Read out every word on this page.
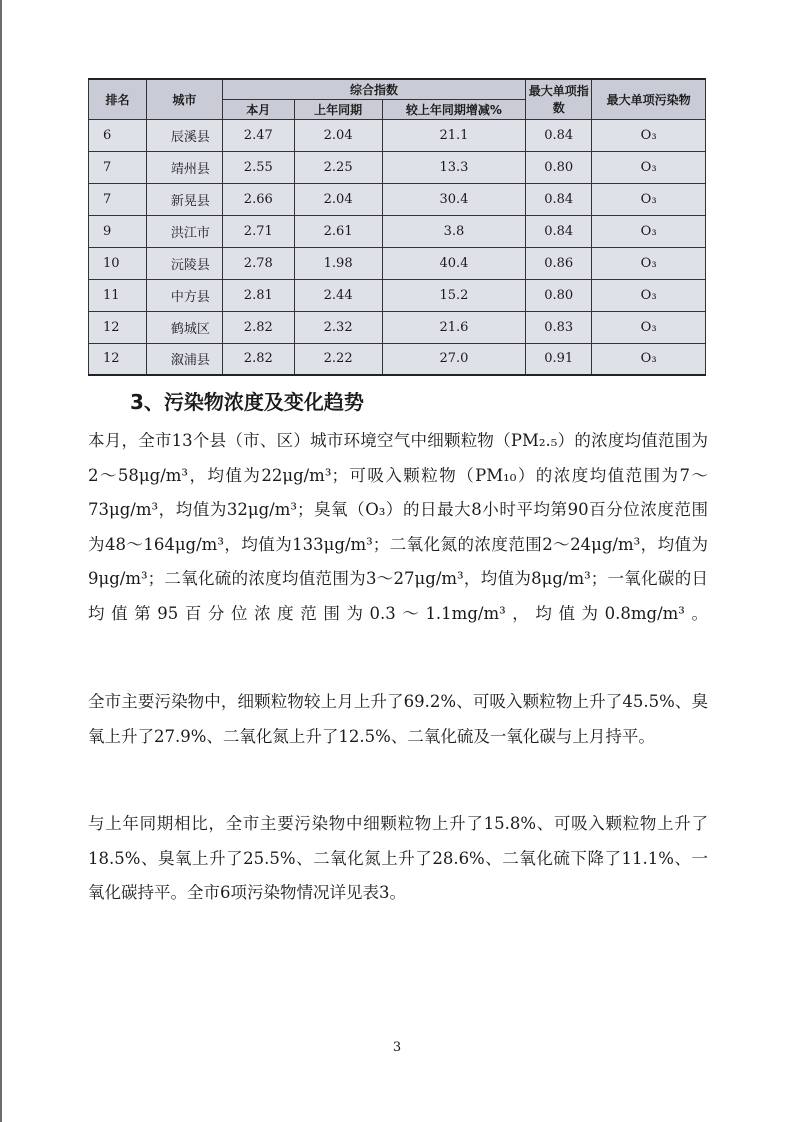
排名	城市	综合指数			最大单项指数	最大单项污染物
		本月	上年同期	较上年同期增减%		
6	辰溪县	2.47	2.04	21.1	0.84	O₃
7	靖州县	2.55	2.25	13.3	0.80	O₃
7	新晃县	2.66	2.04	30.4	0.84	O₃
9	洪江市	2.71	2.61	3.8	0.84	O₃
10	沅陵县	2.78	1.98	40.4	0.86	O₃
11	中方县	2.81	2.44	15.2	0.80	O₃
12	鹤城区	2.82	2.32	21.6	0.83	O₃
12	溆浦县	2.82	2.22	27.0	0.91	O₃
3、污染物浓度及变化趋势

本月，全市13个县（市、区）城市环境空气中细颗粒物（PM₂.₅）的浓度均值范围为2～58μg/m³，均值为22μg/m³；可吸入颗粒物（PM₁₀）的浓度均值范围为7～73μg/m³，均值为32μg/m³；臭氧（O₃）的日最大8小时平均第90百分位浓度范围为48～164μg/m³，均值为133μg/m³；二氧化氮的浓度范围2～24μg/m³，均值为9μg/m³；二氧化硫的浓度均值范围为3～27μg/m³，均值为8μg/m³；一氧化碳的日均值第95百分位浓度范围为0.3～1.1mg/m³，均值为0.8mg/m³。

全市主要污染物中，细颗粒物较上月上升了69.2%、可吸入颗粒物上升了45.5%、臭氧上升了27.9%、二氧化氮上升了12.5%、二氧化硫及一氧化碳与上月持平。

与上年同期相比，全市主要污染物中细颗粒物上升了15.8%、可吸入颗粒物上升了18.5%、臭氧上升了25.5%、二氧化氮上升了28.6%、二氧化硫下降了11.1%、一氧化碳持平。全市6项污染物情况详见表3。

3
